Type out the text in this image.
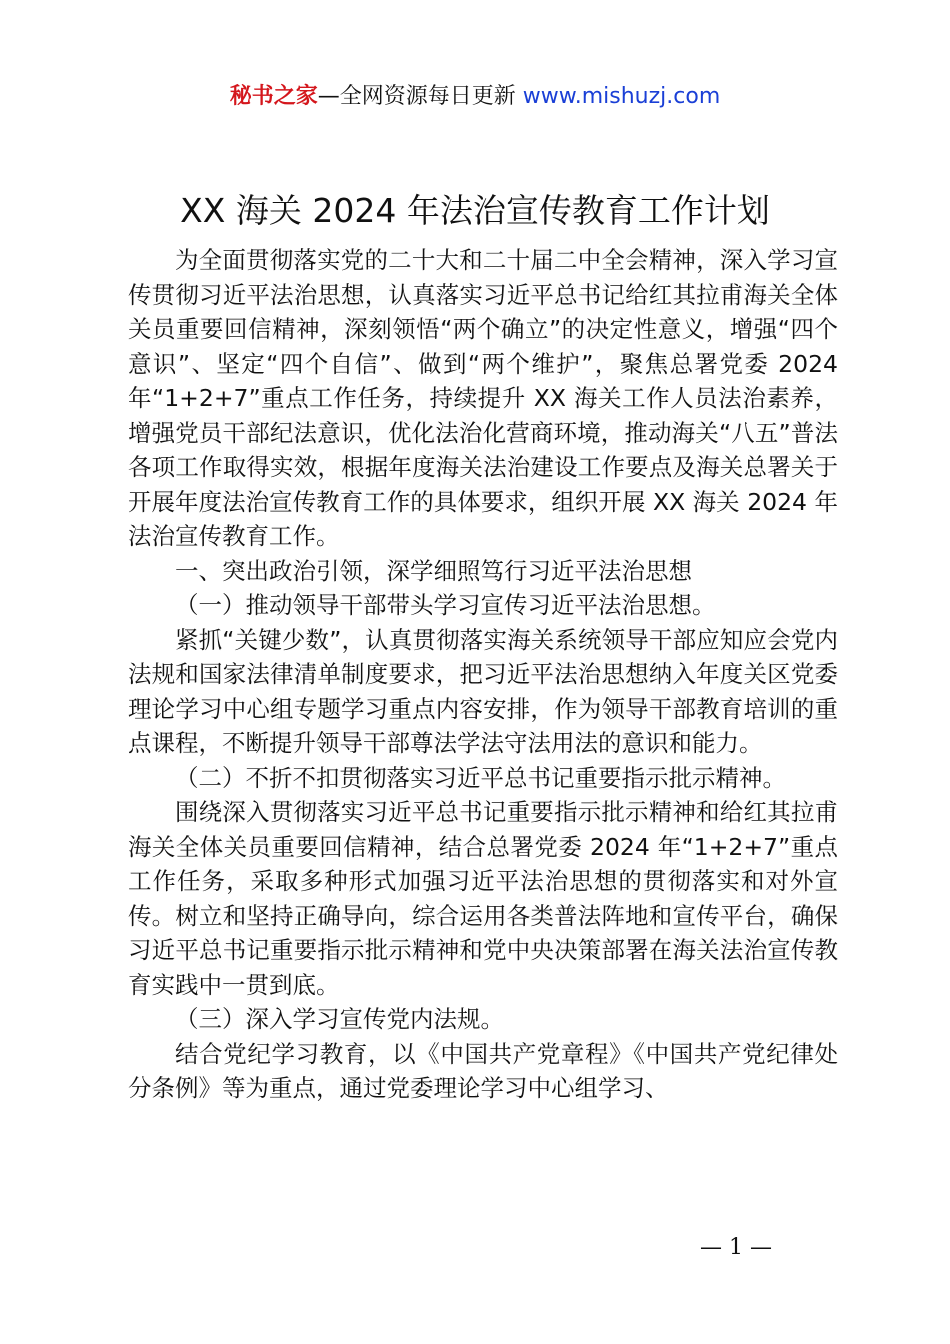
秘书之家—全网资源每日更新 www.mishuzj.com
XX 海关 2024 年法治宣传教育工作计划

为全面贯彻落实党的二十大和二十届二中全会精神，深入学习宣传贯彻习近平法治思想，认真落实习近平总书记给红其拉甫海关全体关员重要回信精神，深刻领悟“两个确立”的决定性意义，增强“四个意识”、坚定“四个自信”、做到“两个维护”，聚焦总署党委 2024 年“1+2+7”重点工作任务，持续提升 XX 海关工作人员法治素养，增强党员干部纪法意识，优化法治化营商环境，推动海关“八五”普法各项工作取得实效，根据年度海关法治建设工作要点及海关总署关于开展年度法治宣传教育工作的具体要求，组织开展 XX 海关 2024 年法治宣传教育工作。

一、突出政治引领，深学细照笃行习近平法治思想

（一）推动领导干部带头学习宣传习近平法治思想。

紧抓“关键少数”，认真贯彻落实海关系统领导干部应知应会党内法规和国家法律清单制度要求，把习近平法治思想纳入年度关区党委理论学习中心组专题学习重点内容安排，作为领导干部教育培训的重点课程，不断提升领导干部尊法学法守法用法的意识和能力。

（二）不折不扣贯彻落实习近平总书记重要指示批示精神。

围绕深入贯彻落实习近平总书记重要指示批示精神和给红其拉甫海关全体关员重要回信精神，结合总署党委 2024 年“1+2+7”重点工作任务，采取多种形式加强习近平法治思想的贯彻落实和对外宣传。树立和坚持正确导向，综合运用各类普法阵地和宣传平台，确保习近平总书记重要指示批示精神和党中央决策部署在海关法治宣传教育实践中一贯到底。

（三）深入学习宣传党内法规。

结合党纪学习教育，以《中国共产党章程》《中国共产党纪律处分条例》等为重点，通过党委理论学习中心组学习、

— 1 —
